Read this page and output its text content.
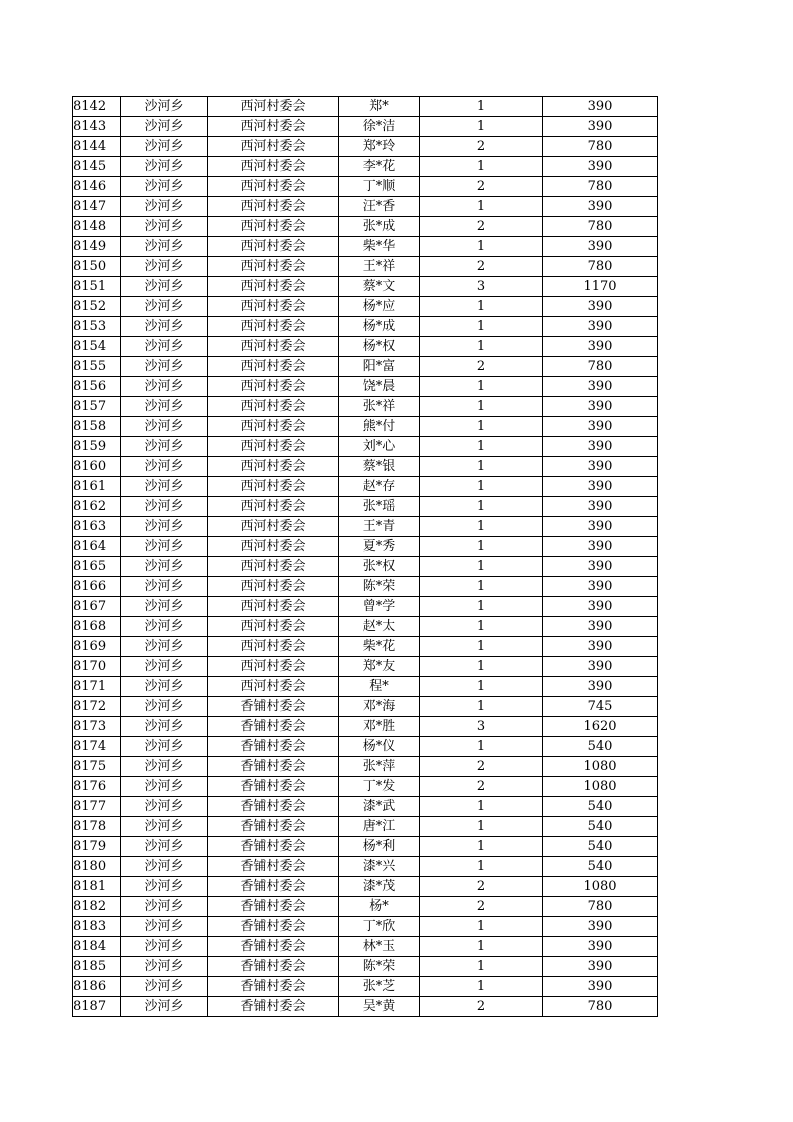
8142	沙河乡	西河村委会	郑*	1	390
8143	沙河乡	西河村委会	徐*洁	1	390
8144	沙河乡	西河村委会	郑*玲	2	780
8145	沙河乡	西河村委会	李*花	1	390
8146	沙河乡	西河村委会	丁*顺	2	780
8147	沙河乡	西河村委会	汪*香	1	390
8148	沙河乡	西河村委会	张*成	2	780
8149	沙河乡	西河村委会	柴*华	1	390
8150	沙河乡	西河村委会	王*祥	2	780
8151	沙河乡	西河村委会	蔡*文	3	1170
8152	沙河乡	西河村委会	杨*应	1	390
8153	沙河乡	西河村委会	杨*成	1	390
8154	沙河乡	西河村委会	杨*权	1	390
8155	沙河乡	西河村委会	阳*富	2	780
8156	沙河乡	西河村委会	饶*晨	1	390
8157	沙河乡	西河村委会	张*祥	1	390
8158	沙河乡	西河村委会	熊*付	1	390
8159	沙河乡	西河村委会	刘*心	1	390
8160	沙河乡	西河村委会	蔡*银	1	390
8161	沙河乡	西河村委会	赵*存	1	390
8162	沙河乡	西河村委会	张*瑶	1	390
8163	沙河乡	西河村委会	王*青	1	390
8164	沙河乡	西河村委会	夏*秀	1	390
8165	沙河乡	西河村委会	张*权	1	390
8166	沙河乡	西河村委会	陈*荣	1	390
8167	沙河乡	西河村委会	曾*学	1	390
8168	沙河乡	西河村委会	赵*太	1	390
8169	沙河乡	西河村委会	柴*花	1	390
8170	沙河乡	西河村委会	郑*友	1	390
8171	沙河乡	西河村委会	程*	1	390
8172	沙河乡	香铺村委会	邓*海	1	745
8173	沙河乡	香铺村委会	邓*胜	3	1620
8174	沙河乡	香铺村委会	杨*仪	1	540
8175	沙河乡	香铺村委会	张*萍	2	1080
8176	沙河乡	香铺村委会	丁*发	2	1080
8177	沙河乡	香铺村委会	漆*武	1	540
8178	沙河乡	香铺村委会	唐*江	1	540
8179	沙河乡	香铺村委会	杨*利	1	540
8180	沙河乡	香铺村委会	漆*兴	1	540
8181	沙河乡	香铺村委会	漆*茂	2	1080
8182	沙河乡	香铺村委会	杨*	2	780
8183	沙河乡	香铺村委会	丁*欣	1	390
8184	沙河乡	香铺村委会	林*玉	1	390
8185	沙河乡	香铺村委会	陈*荣	1	390
8186	沙河乡	香铺村委会	张*芝	1	390
8187	沙河乡	香铺村委会	吴*黄	2	780
